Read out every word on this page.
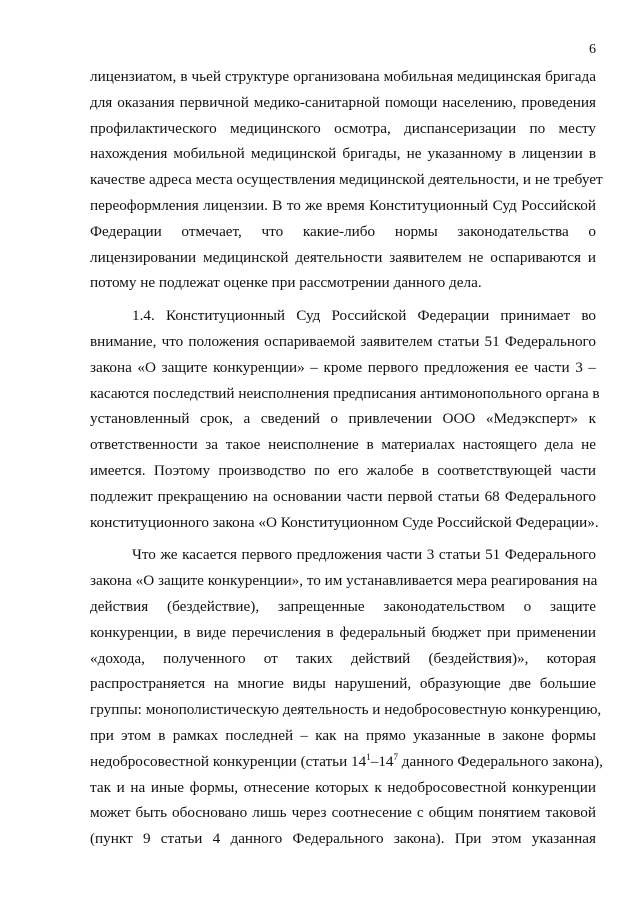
6
лицензиатом, в чьей структуре организована мобильная медицинская бригада
для оказания первичной медико-санитарной помощи населению, проведения
профилактического медицинского осмотра, диспансеризации по месту
нахождения мобильной медицинской бригады, не указанному в лицензии в
качестве адреса места осуществления медицинской деятельности, и не требует
переоформления лицензии. В то же время Конституционный Суд Российской
Федерации отмечает, что какие-либо нормы законодательства о
лицензировании медицинской деятельности заявителем не оспариваются и
потому не подлежат оценке при рассмотрении данного дела.
1.4. Конституционный Суд Российской Федерации принимает во
внимание, что положения оспариваемой заявителем статьи 51 Федерального
закона «О защите конкуренции» – кроме первого предложения ее части 3 –
касаются последствий неисполнения предписания антимонопольного органа в
установленный срок, а сведений о привлечении ООО «Медэксперт» к
ответственности за такое неисполнение в материалах настоящего дела не
имеется. Поэтому производство по его жалобе в соответствующей части
подлежит прекращению на основании части первой статьи 68 Федерального
конституционного закона «О Конституционном Суде Российской Федерации».
Что же касается первого предложения части 3 статьи 51 Федерального
закона «О защите конкуренции», то им устанавливается мера реагирования на
действия (бездействие), запрещенные законодательством о защите
конкуренции, в виде перечисления в федеральный бюджет при применении
«дохода, полученного от таких действий (бездействия)», которая
распространяется на многие виды нарушений, образующие две большие
группы: монополистическую деятельность и недобросовестную конкуренцию,
при этом в рамках последней – как на прямо указанные в законе формы
недобросовестной конкуренции (статьи $14^1-14^7$ данного Федерального закона),
так и на иные формы, отнесение которых к недобросовестной конкуренции
может быть обосновано лишь через соотнесение с общим понятием таковой
(пункт 9 статьи 4 данного Федерального закона). При этом указанная
